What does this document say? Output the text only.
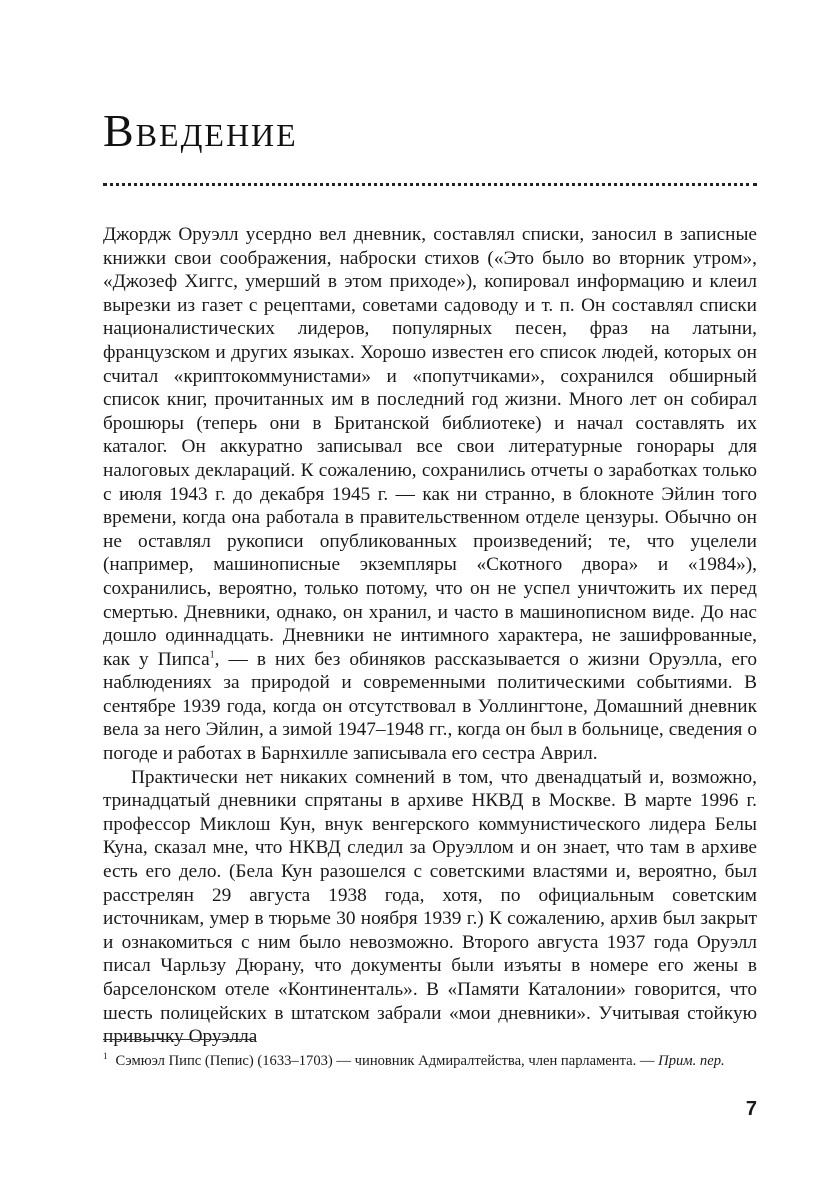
Введение

Джордж Оруэлл усердно вел дневник, составлял списки, заносил в записные книжки свои соображения, наброски стихов («Это было во вторник утром», «Джозеф Хиггс, умерший в этом приходе»), копировал информацию и клеил вырезки из газет с рецептами, советами садоводу и т. п. Он составлял списки националистических лидеров, популярных песен, фраз на латыни, французском и других языках. Хорошо известен его список людей, которых он считал «криптокоммунистами» и «попутчиками», сохранился обширный список книг, прочитанных им в последний год жизни. Много лет он собирал брошюры (теперь они в Британской библиотеке) и начал составлять их каталог. Он аккуратно записывал все свои литературные гонорары для налоговых деклараций. К сожалению, сохранились отчеты о заработках только с июля 1943 г. до декабря 1945 г. — как ни странно, в блокноте Эйлин того времени, когда она работала в правительственном отделе цензуры. Обычно он не оставлял рукописи опубликованных произведений; те, что уцелели (например, машинописные экземпляры «Скотного двора» и «1984»), сохранились, вероятно, только потому, что он не успел уничтожить их перед смертью. Дневники, однако, он хранил, и часто в машинописном виде. До нас дошло одиннадцать. Дневники не интимного характера, не зашифрованные, как у Пипса$^1$, — в них без обиняков рассказывается о жизни Оруэлла, его наблюдениях за природой и современными политическими событиями. В сентябре 1939 года, когда он отсутствовал в Уоллингтоне, Домашний дневник вела за него Эйлин, а зимой 1947–1948 гг., когда он был в больнице, сведения о погоде и работах в Барнхилле записывала его сестра Аврил.

Практически нет никаких сомнений в том, что двенадцатый и, возможно, тринадцатый дневники спрятаны в архиве НКВД в Москве. В марте 1996 г. профессор Миклош Кун, внук венгерского коммунистического лидера Белы Куна, сказал мне, что НКВД следил за Оруэллом и он знает, что там в архиве есть его дело. (Бела Кун разошелся с советскими властями и, вероятно, был расстрелян 29 августа 1938 года, хотя, по официальным советским источникам, умер в тюрьме 30 ноября 1939 г.) К сожалению, архив был закрыт и ознакомиться с ним было невозможно. Второго августа 1937 года Оруэлл писал Чарльзу Дюрану, что документы были изъяты в номере его жены в барселонском отеле «Континенталь». В «Памяти Каталонии» говорится, что шесть полицейских в штатском забрали «мои дневники». Учитывая стойкую привычку Оруэлла

$^1$ Сэмюэл Пипс (Пепис) (1633–1703) — чиновник Адмиралтейства, член парламента. — Прим. пер.
7
